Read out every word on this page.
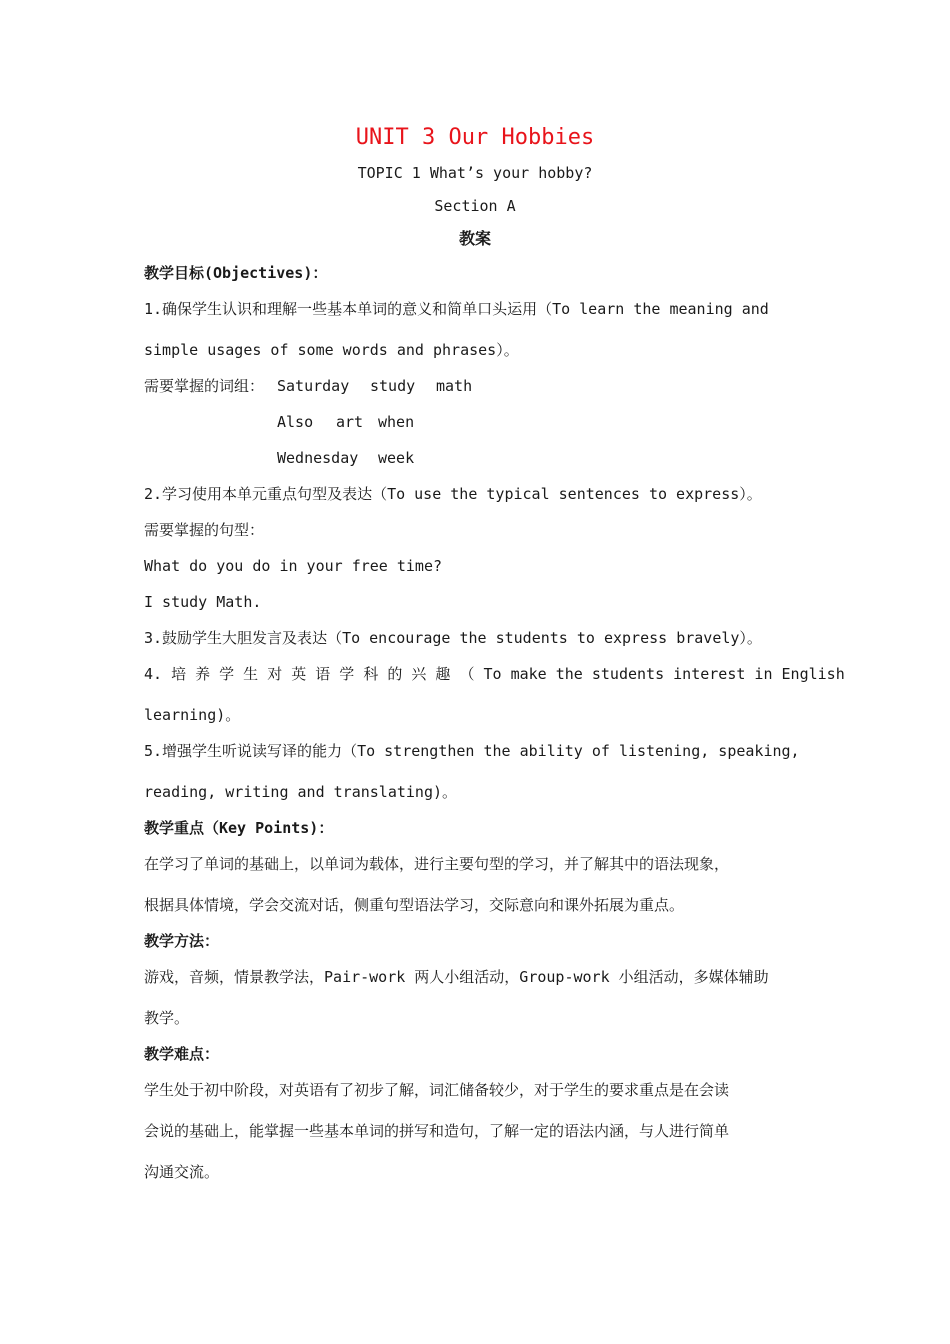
UNIT 3 Our Hobbies
TOPIC 1 What’s your hobby?
Section A
教案
教学目标(Objectives)：
1.确保学生认识和理解一些基本单词的意义和简单口头运用（To learn the meaning and
simple usages of some words and phrases）。
需要掌握的词组： Saturday study math
Also art when
Wednesday week
2.学习使用本单元重点句型及表达（To use the typical sentences to express）。
需要掌握的句型：
What do you do in your free time?
I study Math.
3.鼓励学生大胆发言及表达（To encourage the students to express bravely）。
4. 培 养 学 生 对 英 语 学 科 的 兴 趣 （ To make the students interest in English
learning)。
5.增强学生听说读写译的能力（To strengthen the ability of listening, speaking,
reading, writing and translating)。
教学重点（Key Points)：
在学习了单词的基础上，以单词为载体，进行主要句型的学习，并了解其中的语法现象，
根据具体情境，学会交流对话，侧重句型语法学习，交际意向和课外拓展为重点。
教学方法：
游戏，音频，情景教学法，Pair-work 两人小组活动，Group-work 小组活动，多媒体辅助
教学。
教学难点：
学生处于初中阶段，对英语有了初步了解，词汇储备较少，对于学生的要求重点是在会读
会说的基础上，能掌握一些基本单词的拼写和造句，了解一定的语法内涵，与人进行简单
沟通交流。
